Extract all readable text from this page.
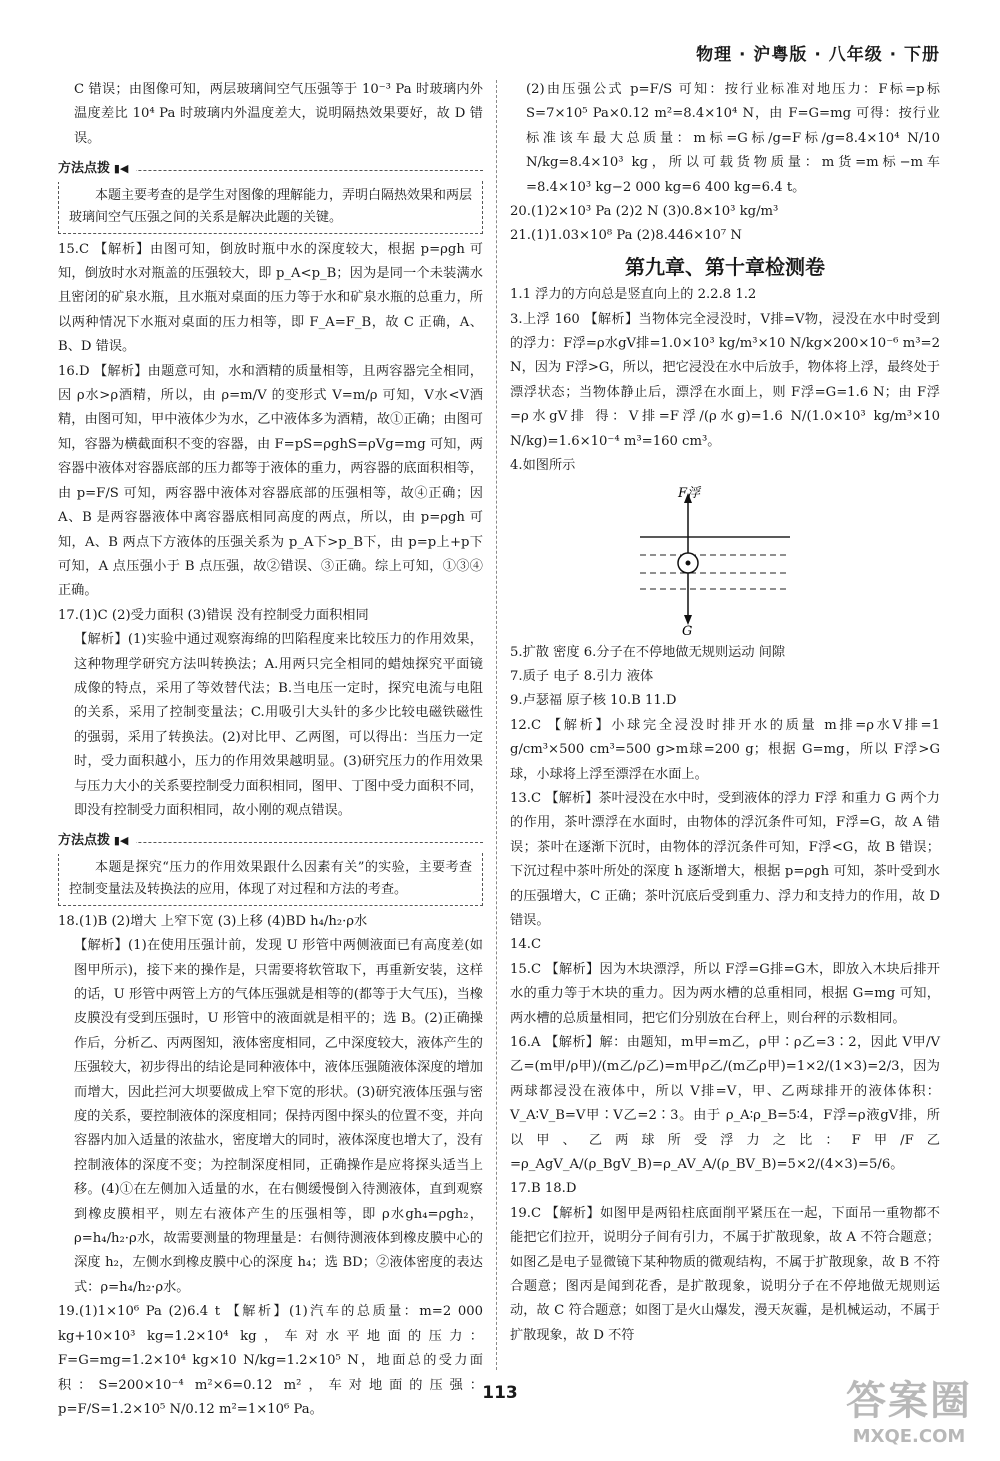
物理 · 沪粤版 · 八年级 · 下册

C 错误；由图像可知，两层玻璃间空气压强等于 10⁻³ Pa 时玻璃内外温度差比 10⁴ Pa 时玻璃内外温度差大，说明隔热效果要好，故 D 错误。

方法点拨 ▮◀
本题主要考查的是学生对图像的理解能力，弄明白隔热效果和两层玻璃间空气压强之间的关系是解决此题的关键。

15.C 【解析】由图可知，倒放时瓶中水的深度较大，根据 p=ρgh 可知，倒放时水对瓶盖的压强较大，即 p_A<p_B；因为是同一个未装满水且密闭的矿泉水瓶，且水瓶对桌面的压力等于水和矿泉水瓶的总重力，所以两种情况下水瓶对桌面的压力相等，即 F_A=F_B，故 C 正确，A、B、D 错误。

16.D 【解析】由题意可知，水和酒精的质量相等，且两容器完全相同，因 ρ水>ρ酒精，所以，由 ρ=m/V 的变形式 V=m/ρ 可知，V水<V酒精，由图可知，甲中液体少为水，乙中液体多为酒精，故①正确；由图可知，容器为横截面积不变的容器，由 F=pS=ρghS=ρVg=mg 可知，两容器中液体对容器底部的压力都等于液体的重力，两容器的底面积相等，由 p=F/S 可知，两容器中液体对容器底部的压强相等，故④正确；因 A、B 是两容器液体中离容器底相同高度的两点，所以，由 p=ρgh 可知，A、B 两点下方液体的压强关系为 p_A下>p_B下，由 p=p上+p下 可知，A 点压强小于 B 点压强，故②错误、③正确。综上可知，①③④正确。

17.(1)C (2)受力面积 (3)错误 没有控制受力面积相同

【解析】(1)实验中通过观察海绵的凹陷程度来比较压力的作用效果，这种物理学研究方法叫转换法；A.用两只完全相同的蜡烛探究平面镜成像的特点，采用了等效替代法；B.当电压一定时，探究电流与电阻的关系，采用了控制变量法；C.用吸引大头针的多少比较电磁铁磁性的强弱，采用了转换法。(2)对比甲、乙两图，可以得出：当压力一定时，受力面积越小，压力的作用效果越明显。(3)研究压力的作用效果与压力大小的关系要控制受力面积相同，图甲、丁图中受力面积不同，即没有控制受力面积相同，故小刚的观点错误。

方法点拨 ▮◀
本题是探究“压力的作用效果跟什么因素有关”的实验，主要考查控制变量法及转换法的应用，体现了对过程和方法的考查。

18.(1)B (2)增大 上窄下宽 (3)上移 (4)BD h₄/h₂·ρ水

【解析】(1)在使用压强计前，发现 U 形管中两侧液面已有高度差(如图甲所示)，接下来的操作是，只需要将软管取下，再重新安装，这样的话，U 形管中两管上方的气体压强就是相等的(都等于大气压)，当橡皮膜没有受到压强时，U 形管中的液面就是相平的；选 B。(2)正确操作后，分析乙、丙两图知，液体密度相同，乙中深度较大，液体产生的压强较大，初步得出的结论是同种液体中，液体压强随液体深度的增加而增大，因此拦河大坝要做成上窄下宽的形状。(3)研究液体压强与密度的关系，要控制液体的深度相同；保持丙图中探头的位置不变，并向容器内加入适量的浓盐水，密度增大的同时，液体深度也增大了，没有控制液体的深度不变；为控制深度相同，正确操作是应将探头适当上移。(4)①在左侧加入适量的水，在右侧缓慢倒入待测液体，直到观察到橡皮膜相平，则左右液体产生的压强相等，即 ρ水gh₄=ρgh₂，ρ=h₄/h₂·ρ水，故需要测量的物理量是：右侧待测液体到橡皮膜中心的深度 h₂，左侧水到橡皮膜中心的深度 h₄；选 BD；②液体密度的表达式：ρ=h₄/h₂·ρ水。

19.(1)1×10⁶ Pa (2)6.4 t 【解析】(1)汽车的总质量：m=2 000 kg+10×10³ kg=1.2×10⁴ kg，车对水平地面的压力：F=G=mg=1.2×10⁴ kg×10 N/kg=1.2×10⁵ N，地面总的受力面积：S=200×10⁻⁴ m²×6=0.12 m²，车对地面的压强：p=F/S=1.2×10⁵ N/0.12 m²=1×10⁶ Pa。

(2)由压强公式 p=F/S 可知：按行业标准对地压力：F标=p标S=7×10⁵ Pa×0.12 m²=8.4×10⁴ N，由 F=G=mg 可得：按行业标准该车最大总质量：m标=G标/g=F标/g=8.4×10⁴ N/10 N/kg=8.4×10³ kg，所以可载货物质量：m货=m标−m车=8.4×10³ kg−2 000 kg=6 400 kg=6.4 t。

20.(1)2×10³ Pa (2)2 N (3)0.8×10³ kg/m³

21.(1)1.03×10⁸ Pa (2)8.446×10⁷ N

第九章、第十章检测卷

1.1 浮力的方向总是竖直向上的 2.2.8 1.2

3.上浮 160 【解析】当物体完全浸没时，V排=V物，浸没在水中时受到的浮力：F浮=ρ水gV排=1.0×10³ kg/m³×10 N/kg×200×10⁻⁶ m³=2 N，因为 F浮>G，所以，把它浸没在水中后放手，物体将上浮，最终处于漂浮状态；当物体静止后，漂浮在水面上，则 F浮=G=1.6 N；由 F浮=ρ水gV排 得：V排=F浮/(ρ水g)=1.6 N/(1.0×10³ kg/m³×10 N/kg)=1.6×10⁻⁴ m³=160 cm³。

4.如图所示

F浮
G

5.扩散 密度 6.分子在不停地做无规则运动 间隙

7.质子 电子 8.引力 液体

9.卢瑟福 原子核 10.B 11.D

12.C 【解析】小球完全浸没时排开水的质量 m排=ρ水V排=1 g/cm³×500 cm³=500 g>m球=200 g；根据 G=mg，所以 F浮>G球，小球将上浮至漂浮在水面上。

13.C 【解析】茶叶浸没在水中时，受到液体的浮力 F浮 和重力 G 两个力的作用，茶叶漂浮在水面时，由物体的浮沉条件可知，F浮=G，故 A 错误；茶叶在逐渐下沉时，由物体的浮沉条件可知，F浮<G，故 B 错误；下沉过程中茶叶所处的深度 h 逐渐增大，根据 p=ρgh 可知，茶叶受到水的压强增大，C 正确；茶叶沉底后受到重力、浮力和支持力的作用，故 D 错误。

14.C

15.C 【解析】因为木块漂浮，所以 F浮=G排=G木，即放入木块后排开水的重力等于木块的重力。因为两水槽的总重相同，根据 G=mg 可知，两水槽的总质量相同，把它们分别放在台秤上，则台秤的示数相同。

16.A 【解析】解：由题知，m甲=m乙，ρ甲∶ρ乙=3∶2，因此 V甲/V乙=(m甲/ρ甲)/(m乙/ρ乙)=m甲ρ乙/(m乙ρ甲)=1×2/(1×3)=2/3，因为两球都浸没在液体中，所以 V排=V，甲、乙两球排开的液体体积：V_A∶V_B=V甲∶V乙=2∶3。由于 ρ_A∶ρ_B=5∶4，F浮=ρ液gV排，所以甲、乙两球所受浮力之比：F甲/F乙=ρ_AgV_A/(ρ_BgV_B)=ρ_AV_A/(ρ_BV_B)=5×2/(4×3)=5/6。

17.B 18.D

19.C 【解析】如图甲是两铅柱底面削平紧压在一起，下面吊一重物都不能把它们拉开，说明分子间有引力，不属于扩散现象，故 A 不符合题意；如图乙是电子显微镜下某种物质的微观结构，不属于扩散现象，故 B 不符合题意；图丙是闻到花香，是扩散现象，说明分子在不停地做无规则运动，故 C 符合题意；如图丁是火山爆发，漫天灰霾，是机械运动，不属于扩散现象，故 D 不符

113	答案圈
MXQE.COM
